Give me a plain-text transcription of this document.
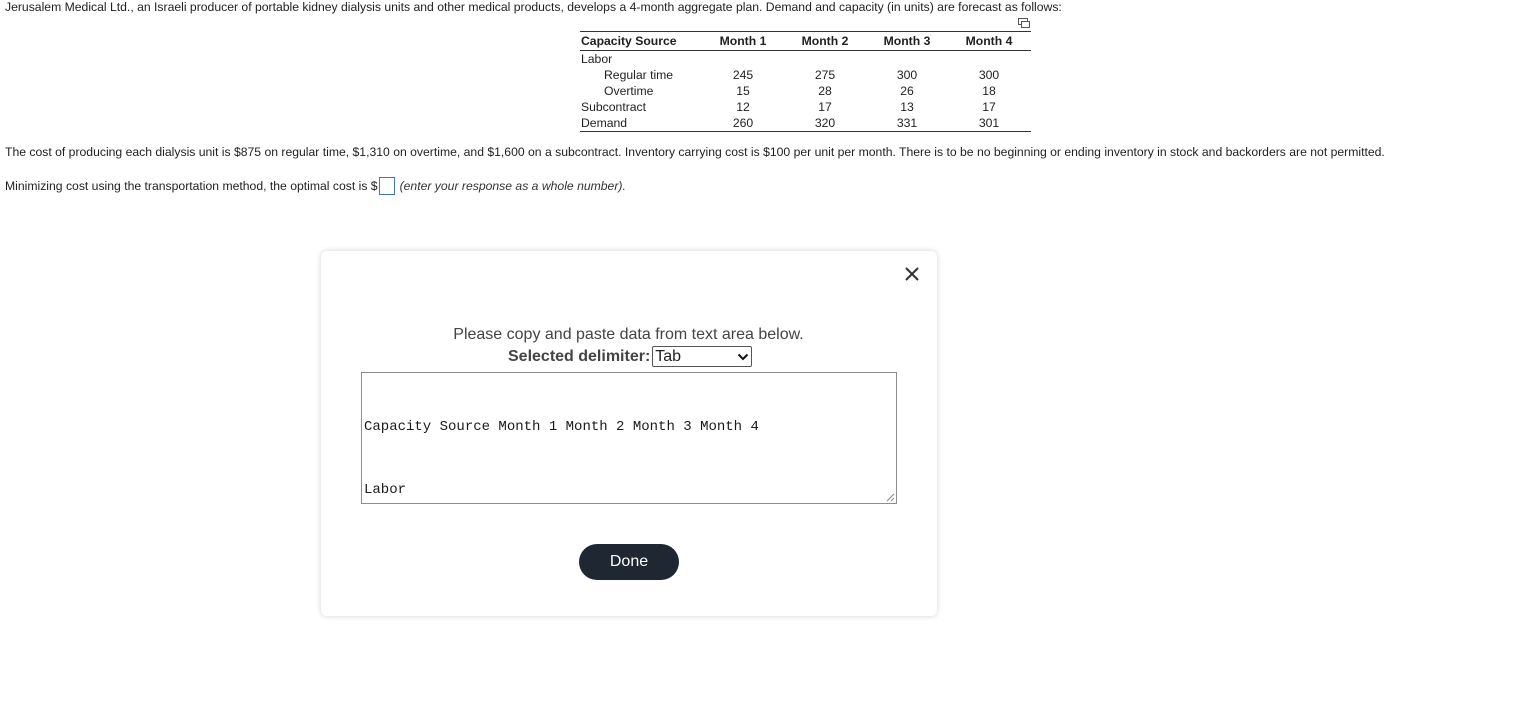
Jerusalem Medical Ltd., an Israeli producer of portable kidney dialysis units and other medical products, develops a 4-month aggregate plan. Demand and capacity (in units) are forecast as follows:
Capacity Source	Month 1	Month 2	Month 3	Month 4
Labor
Regular time	245	275	300	300
Overtime	15	28	26	18
Subcontract	12	17	13	17
Demand	260	320	331	301
The cost of producing each dialysis unit is $875 on regular time, $1,310 on overtime, and $1,600 on a subcontract. Inventory carrying cost is $100 per unit per month. There is to be no beginning or ending inventory in stock and backorders are not permitted.
Minimizing cost using the transportation method, the optimal cost is $ (enter your response as a whole number).
Please copy and paste data from text area below.
Selected delimiter: Tab

Capacity Source	Month 1	Month 2	Month 3	Month 4

Labor

Done
